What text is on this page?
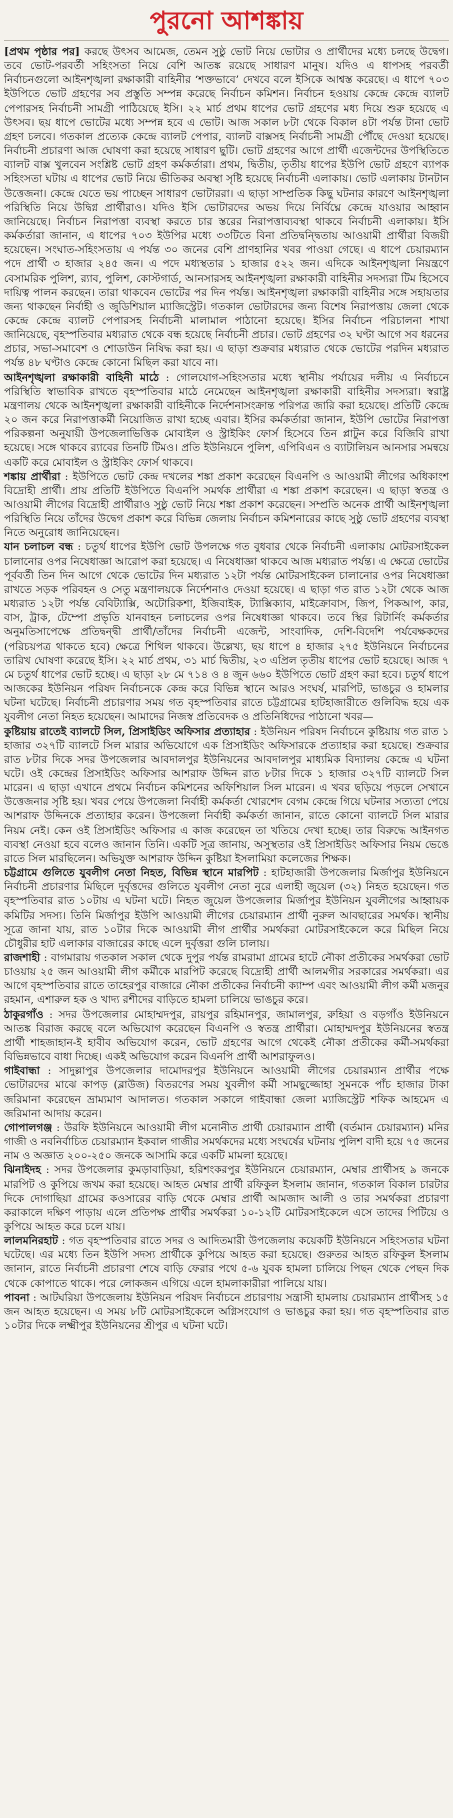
পুরনো আশঙ্কায়

[প্রথম পৃষ্ঠার পর] করছে উৎসব আমেজ, তেমন সুষ্ঠু ভোট নিয়ে ভোটার ও প্রার্থীদের মধ্যে চলছে উদ্বেগ। তবে ভোট-পরবর্তী সহিংসতা নিয়ে বেশি আতঙ্ক রয়েছে সাধারণ মানুষ। যদিও এ ধাপসহ পরবর্তী নির্বাচনগুলো আইনশৃঙ্খলা রক্ষাকারী বাহিনীর ‘শক্তভাবে’ দেখবে বলে ইসিকে আশ্বস্ত করেছে। এ ধাপে ৭০৩ ইউপিতে ভোট গ্রহণের সব প্রস্তুতি সম্পন্ন করেছে নির্বাচন কমিশন। নির্বাচন হওয়ায় কেন্দ্রে কেন্দ্রে ব্যালট পেপারসহ নির্বাচনী সামগ্রী পাঠিয়েছে ইসি। ২২ মার্চ প্রথম ধাপের ভোট গ্রহণের মধ্য দিয়ে শুরু হয়েছে এ উৎসব। ছয় ধাপে ভোটের মধ্যে সম্পন্ন হবে এ ভোট। আজ সকাল ৮টা থেকে বিকাল ৪টা পর্যন্ত টানা ভোট গ্রহণ চলবে। গতকাল প্রত্যেক কেন্দ্রে ব্যালট পেপার, ব্যালট বাক্সসহ নির্বাচনী সামগ্রী পৌঁছে দেওয়া হয়েছে। নির্বাচনী প্রচারণা আজ ঘোষণা করা হয়েছে সাধারণ ছুটি। ভোট গ্রহণের আগে প্রার্থী এজেন্টদের উপস্থিতিতে ব্যালট বাক্স খুলবেন সংশ্লিষ্ট ভোট গ্রহণ কর্মকর্তারা। প্রথম, দ্বিতীয়, তৃতীয় ধাপের ইউপি ভোট গ্রহণে ব্যাপক সহিংসতা ঘটায় এ ধাপের ভোট নিয়ে ভীতিকর অবস্থা সৃষ্টি হয়েছে নির্বাচনী এলাকায়। ভোট এলাকায় টানটান উত্তেজনা। কেন্দ্রে যেতে ভয় পাচ্ছেন সাধারণ ভোটাররা। এ ছাড়া সাম্প্রতিক কিছু ঘটনার কারণে আইনশৃঙ্খলা পরিস্থিতি নিয়ে উদ্বিগ্ন প্রার্থীরাও। যদিও ইসি ভোটারদের অভয় দিয়ে নির্বিঘ্নে কেন্দ্রে যাওয়ার আহ্বান জানিয়েছে। নির্বাচন নিরাপত্তা ব্যবস্থা করতে চার স্তরের নিরাপত্তাব্যবস্থা থাকবে নির্বাচনী এলাকায়। ইসি কর্মকর্তারা জানান, এ ধাপের ৭০৩ ইউপির মধ্যে ৩৩টিতে বিনা প্রতিদ্বন্দ্বিতায় আওয়ামী প্রার্থীরা বিজয়ী হয়েছেন। সংঘাত-সহিংসতায় এ পর্যন্ত ৩০ জনের বেশি প্রাণহানির খবর পাওয়া গেছে। এ ধাপে চেয়ারম্যান পদে প্রার্থী ৩ হাজার ২৪৫ জন। এ পদে মধ্যস্থতার ১ হাজার ৫২২ জন। এদিকে আইনশৃঙ্খলা নিয়ন্ত্রণে বেসামরিক পুলিশ, র‍্যাব, পুলিশ, কোস্টগার্ড, আনসারসহ আইনশৃঙ্খলা রক্ষাকারী বাহিনীর সদস্যরা টিম হিসেবে দায়িত্ব পালন করছেন। তারা থাকবেন ভোটের পর দিন পর্যন্ত। আইনশৃঙ্খলা রক্ষাকারী বাহিনীর সঙ্গে সহায়তার জন্য থাকছেন নির্বাহী ও জুডিশিয়াল ম্যাজিস্ট্রেট। গতকাল ভোটারদের জন্য বিশেষ নিরাপত্তায় জেলা থেকে কেন্দ্রে কেন্দ্রে ব্যালট পেপারসহ নির্বাচনী মালামাল পাঠানো হয়েছে। ইসির নির্বাচন পরিচালনা শাখা জানিয়েছে, বৃহস্পতিবার মধ্যরাত থেকে বন্ধ হয়েছে নির্বাচনী প্রচার। ভোট গ্রহণের ৩২ ঘণ্টা আগে সব ধরনের প্রচার, সভা-সমাবেশ ও শোডাউন নিষিদ্ধ করা হয়। এ ছাড়া শুক্রবার মধ্যরাত থেকে ভোটের পরদিন মধ্যরাত পর্যন্ত ৪৮ ঘণ্টাও কেন্দ্রে কোনো মিছিল করা যাবে না।

আইনশৃঙ্খলা রক্ষাকারী বাহিনী মাঠে : গোলযোগ-সহিংসতার মধ্যে স্থানীয় পর্যায়ের দলীয় এ নির্বাচনে পরিস্থিতি স্বাভাবিক রাখতে বৃহস্পতিবার মাঠে নেমেছেন আইনশৃঙ্খলা রক্ষাকারী বাহিনীর সদস্যরা। স্বরাষ্ট্র মন্ত্রণালয় থেকে আইনশৃঙ্খলা রক্ষাকারী বাহিনীকে নির্দেশনাসংক্রান্ত পরিপত্র জারি করা হয়েছে। প্রতিটি কেন্দ্রে ২০ জন করে নিরাপত্তাকর্মী নিয়োজিত রাখা হচ্ছে এবার। ইসির কর্মকর্তারা জানান, ইউপি ভোটের নিরাপত্তা পরিকল্পনা অনুযায়ী উপজেলাভিত্তিক মোবাইল ও স্ট্রাইকিং ফোর্স হিসেবে তিন প্লাটুন করে বিজিবি রাখা হয়েছে। সঙ্গে থাকবে র‍্যাবের তিনটি টিমও। প্রতি ইউনিয়নে পুলিশ, এপিবিএন ও ব্যাটালিয়ন আনসার সমন্বয়ে একটি করে মোবাইল ও স্ট্রাইকিং ফোর্স থাকবে।

শঙ্কায় প্রার্থীরা : ইউপিতে ভোট কেন্দ্র দখলের শঙ্কা প্রকাশ করেছেন বিএনপি ও আওয়ামী লীগের অধিকাংশ বিদ্রোহী প্রার্থী। প্রায় প্রতিটি ইউপিতে বিএনপি সমর্থক প্রার্থীরা এ শঙ্কা প্রকাশ করেছেন। এ ছাড়া স্বতন্ত্র ও আওয়ামী লীগের বিদ্রোহী প্রার্থীরাও সুষ্ঠু ভোট নিয়ে শঙ্কা প্রকাশ করেছেন। সম্প্রতি অনেক প্রার্থী আইনশৃঙ্খলা পরিস্থিতি নিয়ে তাঁদের উদ্বেগ প্রকাশ করে বিভিন্ন জেলায় নির্বাচন কমিশনারের কাছে সুষ্ঠু ভোট গ্রহণের ব্যবস্থা নিতে অনুরোধ জানিয়েছেন।

যান চলাচল বন্ধ : চতুর্থ ধাপের ইউপি ভোট উপলক্ষে গত বুধবার থেকে নির্বাচনী এলাকায় মোটরসাইকেল চালানোর ওপর নিষেধাজ্ঞা আরোপ করা হয়েছে। এ নিষেধাজ্ঞা থাকবে আজ মধ্যরাত পর্যন্ত। এ ক্ষেত্রে ভোটের পূর্ববর্তী তিন দিন আগে থেকে ভোটের দিন মধ্যরাত ১২টা পর্যন্ত মোটরসাইকেল চালানোর ওপর নিষেধাজ্ঞা রাখতে সড়ক পরিবহন ও সেতু মন্ত্রণালয়কে নির্দেশনাও দেওয়া হয়েছে। এ ছাড়া গত রাত ১২টা থেকে আজ মধ্যরাত ১২টা পর্যন্ত বেবিট্যাক্সি, অটোরিকশা, ইজিবাইক, ট্যাক্সিক্যাব, মাইক্রোবাস, জিপ, পিকআপ, কার, বাস, ট্রাক, টেম্পো প্রভৃতি যানবাহন চলাচলের ওপর নিষেধাজ্ঞা থাকবে। তবে স্থির রিটার্নিং কর্মকর্তার অনুমতিসাপেক্ষে প্রতিদ্বন্দ্বী প্রার্থী/তাঁদের নির্বাচনী এজেন্ট, সাংবাদিক, দেশি-বিদেশি পর্যবেক্ষকদের (পরিচয়পত্র থাকতে হবে) ক্ষেত্রে শিথিল থাকবে। উল্লেখ্য, ছয় ধাপে ৪ হাজার ২৭৫ ইউনিয়নে নির্বাচনের তারিখ ঘোষণা করেছে ইসি। ২২ মার্চ প্রথম, ৩১ মার্চ দ্বিতীয়, ২৩ এপ্রিল তৃতীয় ধাপের ভোট হয়েছে। আজ ৭ মে চতুর্থ ধাপের ভোট হচ্ছে। এ ছাড়া ২৮ মে ৭১৪ ও ৪ জুন ৬৬০ ইউপিতে ভোট গ্রহণ করা হবে। চতুর্থ ধাপে আজকের ইউনিয়ন পরিষদ নির্বাচনকে কেন্দ্র করে বিভিন্ন স্থানে আরও সংঘর্ষ, মারপিট, ভাঙচুর ও হামলার ঘটনা ঘটেছে। নির্বাচনী প্রচারণার সময় গত বৃহস্পতিবার রাতে চট্টগ্রামের হাটহাজারীতে গুলিবিদ্ধ হয়ে এক যুবলীগ নেতা নিহত হয়েছেন। আমাদের নিজস্ব প্রতিবেদক ও প্রতিনিধিদের পাঠানো খবর—

কুষ্টিয়ায় রাতেই ব্যালটে সিল, প্রিসাইডিং অফিসার প্রত্যাহার : ইউনিয়ন পরিষদ নির্বাচনে কুষ্টিয়ায় গত রাত ১ হাজার ৩২৭টি ব্যালটে সিল মারার অভিযোগে এক প্রিসাইডিং অফিসারকে প্রত্যাহার করা হয়েছে। শুক্রবার রাত ৮টার দিকে সদর উপজেলার আবদালপুর ইউনিয়নের আবদালপুর মাধ্যমিক বিদ্যালয় কেন্দ্রে এ ঘটনা ঘটে। ওই কেন্দ্রের প্রিসাইডিং অফিসার আশরাফ উদ্দিন রাত ৮টার দিকে ১ হাজার ৩২৭টি ব্যালটে সিল মারেন। এ ছাড়া এখানে প্রথমে নির্বাচন কমিশনের অফিশিয়াল সিল মারেন। এ খবর ছড়িয়ে পড়লে সেখানে উত্তেজনার সৃষ্টি হয়। খবর পেয়ে উপজেলা নির্বাহী কর্মকর্তা খোরশেদ বেগম কেন্দ্রে গিয়ে ঘটনার সত্যতা পেয়ে আশরাফ উদ্দিনকে প্রত্যাহার করেন। উপজেলা নির্বাহী কর্মকর্তা জানান, রাতে কোনো ব্যালটে সিল মারার নিয়ম নেই। কেন ওই প্রিসাইডিং অফিসার এ কাজ করেছেন তা খতিয়ে দেখা হচ্ছে। তার বিরুদ্ধে আইনগত ব্যবস্থা নেওয়া হবে বলেও জানান তিনি। একটি সূত্র জানায়, অসুস্থতার ওই প্রিসাইডিং অফিসার নিয়ম ভেঙে রাতে সিল মারছিলেন। অভিযুক্ত আশরাফ উদ্দিন কুষ্টিয়া ইসলামিয়া কলেজের শিক্ষক।

চট্টগ্রামে গুলিতে যুবলীগ নেতা নিহত, বিভিন্ন স্থানে মারপিট : হাটহাজারী উপজেলার মির্জাপুর ইউনিয়নে নির্বাচনী প্রচারণার মিছিলে দুর্বৃত্তদের গুলিতে যুবলীগ নেতা নুরে এলাহী জুয়েল (৩২) নিহত হয়েছেন। গত বৃহস্পতিবার রাত ১০টায় এ ঘটনা ঘটে। নিহত জুয়েল উপজেলার মির্জাপুর ইউনিয়ন যুবলীগের আহ্বায়ক কমিটির সদস্য। তিনি মির্জাপুর ইউপি আওয়ামী লীগের চেয়ারম্যান প্রার্থী নুরুল আবছারের সমর্থক। স্থানীয় সূত্রে জানা যায়, রাত ১০টার দিকে আওয়ামী লীগ প্রার্থীর সমর্থকরা মোটরসাইকেলে করে মিছিল নিয়ে চৌধুরীর হাট এলাকার বাজারের কাছে এলে দুর্বৃত্তরা গুলি চালায়।

রাজশাহী : বাগমারায় গতকাল সকাল থেকে দুপুর পর্যন্ত রামরামা গ্রামের হাটে নৌকা প্রতীকের সমর্থকরা ভোট চাওয়ায় ২৫ জন আওয়ামী লীগ কর্মীকে মারপিট করেছে বিদ্রোহী প্রার্থী আলমগীর সরকারের সমর্থকরা। এর আগে বৃহস্পতিবার রাতে তাহেরপুর বাজারে নৌকা প্রতীকের নির্বাচনী ক্যাম্প এবং আওয়ামী লীগ কর্মী মজনুর রহমান, এশারুল হক ও খাদ্য রশীদের বাড়িতে হামলা চালিয়ে ভাঙচুর করে।

ঠাকুরগাঁও : সদর উপজেলার মোহাম্মদপুর, রায়পুর রহিমানপুর, জামালপুর, রুহিয়া ও বড়গাঁও ইউনিয়নে আতঙ্ক বিরাজ করছে বলে অভিযোগ করেছেন বিএনপি ও স্বতন্ত্র প্রার্থীরা। মোহাম্মদপুর ইউনিয়নের স্বতন্ত্র প্রার্থী শাহজাহান-ই হাবীব অভিযোগ করেন, ভোট গ্রহণের আগে থেকেই নৌকা প্রতীকের কর্মী-সমর্থকরা বিভিন্নভাবে বাধা দিচ্ছে। একই অভিযোগ করেন বিএনপি প্রার্থী আশরাফুলও।

গাইবান্ধা : সাদুল্লাপুর উপজেলার দামোদরপুর ইউনিয়নে আওয়ামী লীগের চেয়ারম্যান প্রার্থীর পক্ষে ভোটারদের মাঝে কাপড় (ব্লাউজ) বিতরণের সময় যুবলীগ কর্মী সামছুজ্জোহা সুমনকে পাঁচ হাজার টাকা জরিমানা করেছেন ভ্রাম্যমাণ আদালত। গতকাল সকালে গাইবান্ধা জেলা ম্যাজিস্ট্রেট শফিক আহমেদ এ জরিমানা আদায় করেন।

গোপালগঞ্জ : উরফি ইউনিয়নে আওয়ামী লীগ মনোনীত প্রার্থী চেয়ারম্যান প্রার্থী (বর্তমান চেয়ারম্যান) মনির গাজী ও নবনির্বাচিত চেয়ারম্যান ইকবাল গাজীর সমর্থকদের মধ্যে সংঘর্ষের ঘটনায় পুলিশ বাদী হয়ে ৭৫ জনের নাম ও অজ্ঞাত ২০০-২৫০ জনকে আসামি করে একটি মামলা হয়েছে।

ঝিনাইদহ : সদর উপজেলার কুমড়াবাড়িয়া, হরিশংকরপুর ইউনিয়নে চেয়ারম্যান, মেম্বার প্রার্থীসহ ৯ জনকে মারপিট ও কুপিয়ে জখম করা হয়েছে। আহত মেম্বার প্রার্থী রফিকুল ইসলাম জানান, গতকাল বিকাল চারটার দিকে দোগাছিয়া গ্রামের কওসারের বাড়ি থেকে মেম্বার প্রার্থী আমজাদ আলী ও তার সমর্থকরা প্রচারণা করাকালে দক্ষিণ পাড়ায় এলে প্রতিপক্ষ প্রার্থীর সমর্থকরা ১০-১২টি মোটরসাইকেলে এসে তাদের পিটিয়ে ও কুপিয়ে আহত করে চলে যায়।

লালমনিরহাট : গত বৃহস্পতিবার রাতে সদর ও আদিতমারী উপজেলায় কয়েকটি ইউনিয়নে সহিংসতার ঘটনা ঘটেছে। এর মধ্যে তিন ইউপি সদস্য প্রার্থীকে কুপিয়ে আহত করা হয়েছে। গুরুতর আহত রফিকুল ইসলাম জানান, রাতে নির্বাচনী প্রচারণা শেষে বাড়ি ফেরার পথে ৫-৬ যুবক হামলা চালিয়ে পিছন থেকে পেছন দিক থেকে কোপাতে থাকে। পরে লোকজন এগিয়ে এলে হামলাকারীরা পালিয়ে যায়।

পাবনা : আটঘরিয়া উপজেলায় ইউনিয়ন পরিষদ নির্বাচনে প্রচারণায় সন্ত্রাসী হামলায় চেয়ারম্যান প্রার্থীসহ ১৫ জন আহত হয়েছেন। এ সময় ৮টি মোটরসাইকেলে অগ্নিসংযোগ ও ভাঙচুর করা হয়। গত বৃহস্পতিবার রাত ১০টার দিকে লক্ষ্মীপুর ইউনিয়নের শ্রীপুর এ ঘটনা ঘটে।
